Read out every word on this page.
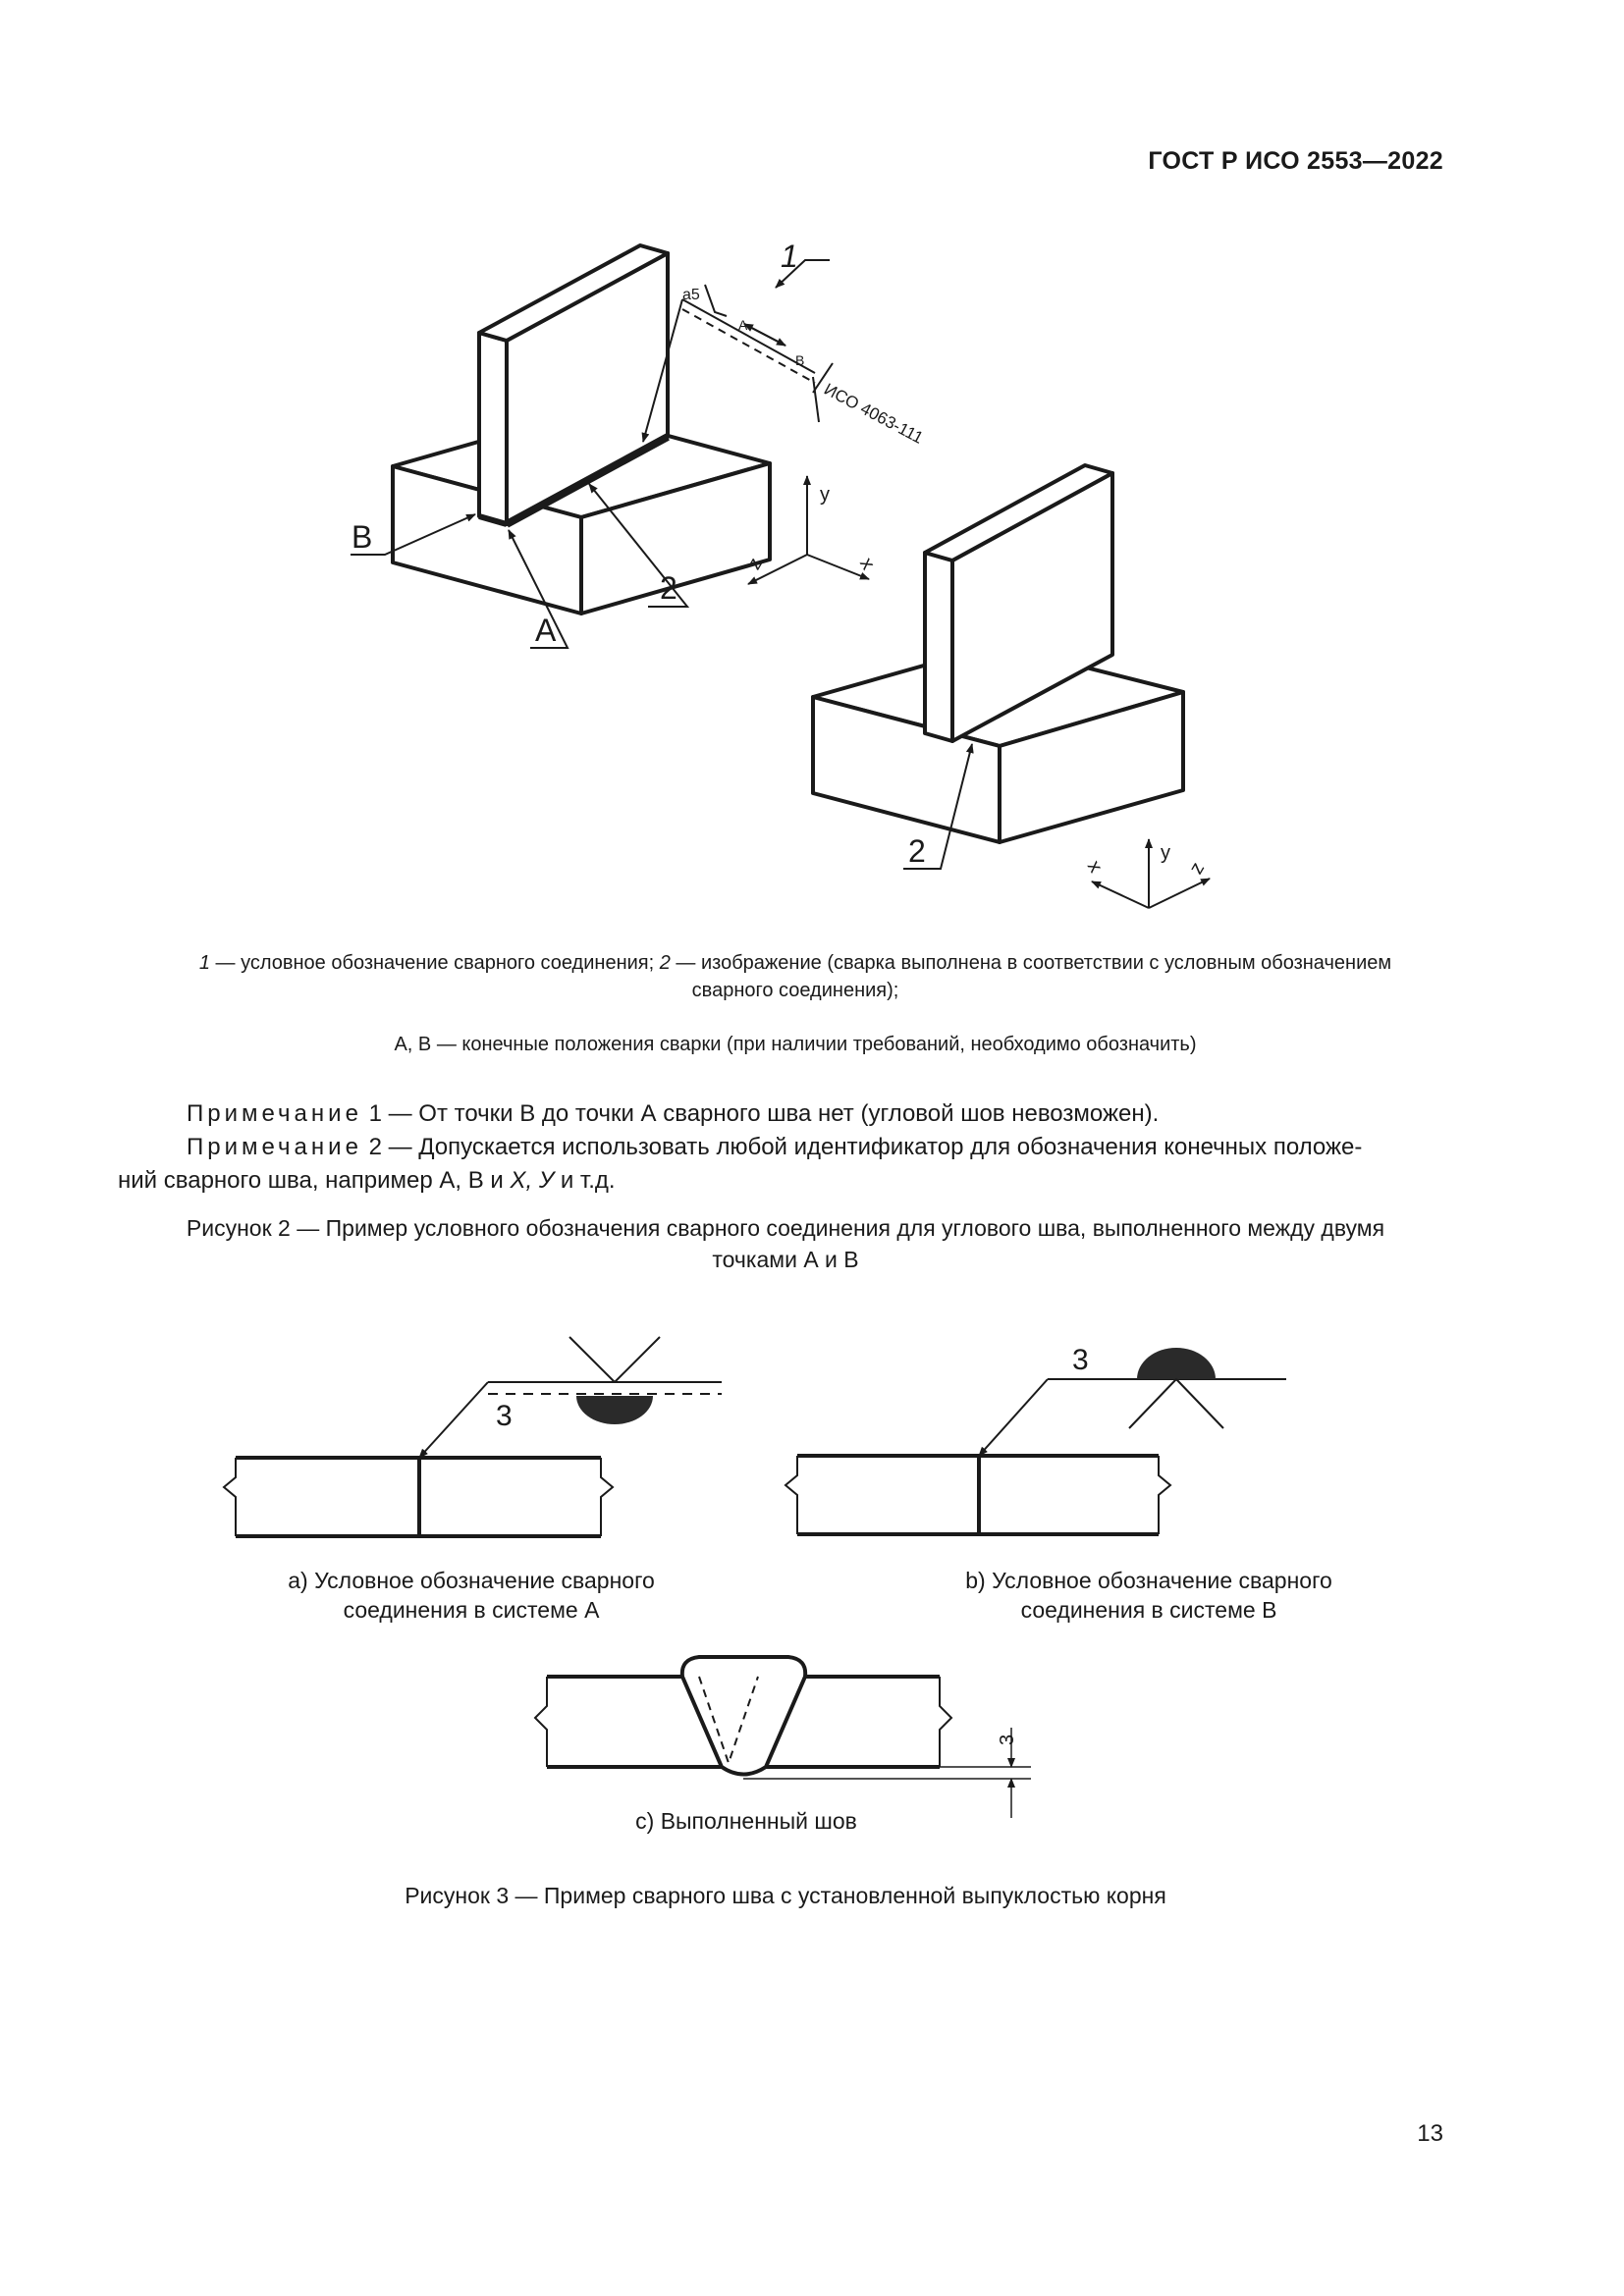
ГОСТ Р ИСО 2553—2022
1
a5
A
B
ИСО 4063-111
B
A
2
y
z	x
2	y
x	z
3
3
3
1 — условное обозначение сварного соединения; 2 — изображение (сварка выполнена в соответствии с условным обозначением
сварного соединения);
А, В — конечные положения сварки (при наличии требований, необходимо обозначить)
Примечание 1 — От точки В до точки А сварного шва нет (угловой шов невозможен).
Примечание 2 — Допускается использовать любой идентификатор для обозначения конечных положе-
ний сварного шва, например А, В и X, У и т.д.
Рисунок 2 — Пример условного обозначения сварного соединения для углового шва, выполненного между двумя
точками А и В
а) Условное обозначение сварного
соединения в системе А
b) Условное обозначение сварного
соединения в системе В
с) Выполненный шов
Рисунок 3 — Пример сварного шва с установленной выпуклостью корня
13
